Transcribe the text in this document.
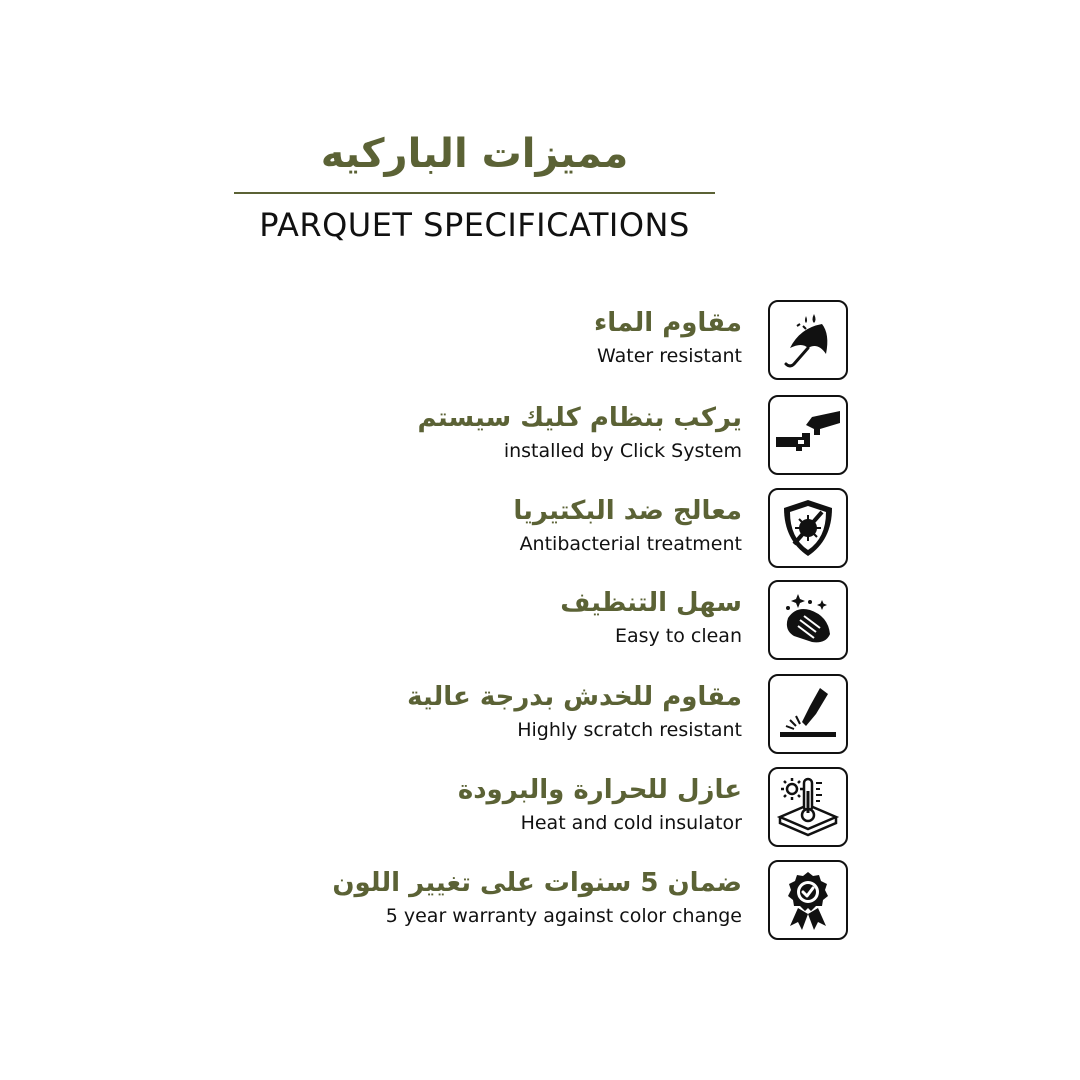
مميزات الباركيه
PARQUET SPECIFICATIONS
مقاوم الماء
Water resistant
يركب بنظام كليك سيستم
installed by Click System
معالج ضد البكتيريا
Antibacterial treatment
سهل التنظيف
Easy to clean
مقاوم للخدش بدرجة عالية
Highly scratch resistant
عازل للحرارة والبرودة
Heat and cold insulator
ضمان 5 سنوات على تغيير اللون
5 year warranty against color change
